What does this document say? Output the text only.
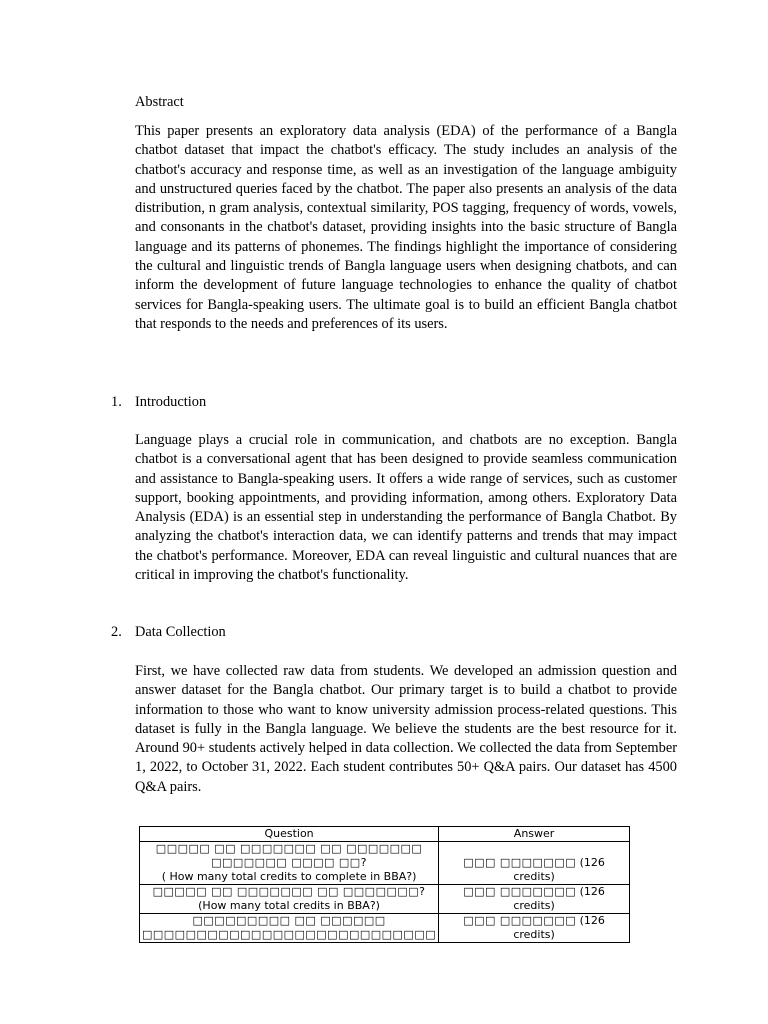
Abstract
This paper presents an exploratory data analysis (EDA) of the performance of a Bangla chatbot dataset that impact the chatbot's efficacy. The study includes an analysis of the chatbot's accuracy and response time, as well as an investigation of the language ambiguity and unstructured queries faced by the chatbot. The paper also presents an analysis of the data distribution, n gram analysis, contextual similarity, POS tagging, frequency of words, vowels, and consonants in the chatbot's dataset, providing insights into the basic structure of Bangla language and its patterns of phonemes. The findings highlight the importance of considering the cultural and linguistic trends of Bangla language users when designing chatbots, and can inform the development of future language technologies to enhance the quality of chatbot services for Bangla-speaking users. The ultimate goal is to build an efficient Bangla chatbot that responds to the needs and preferences of its users.
1. Introduction
Language plays a crucial role in communication, and chatbots are no exception. Bangla chatbot is a conversational agent that has been designed to provide seamless communication and assistance to Bangla-speaking users. It offers a wide range of services, such as customer support, booking appointments, and providing information, among others. Exploratory Data Analysis (EDA) is an essential step in understanding the performance of Bangla Chatbot. By analyzing the chatbot's interaction data, we can identify patterns and trends that may impact the chatbot's performance. Moreover, EDA can reveal linguistic and cultural nuances that are critical in improving the chatbot's functionality.
2. Data Collection
First, we have collected raw data from students. We developed an admission question and answer dataset for the Bangla chatbot. Our primary target is to build a chatbot to provide information to those who want to know university admission process-related questions. This dataset is fully in the Bangla language. We believe the students are the best resource for it. Around 90+ students actively helped in data collection. We collected the data from September 1, 2022, to October 31, 2022. Each student contributes 50+ Q&A pairs. Our dataset has 4500 Q&A pairs.
Question	Answer
□□□□□ □□ □□□□□□□ □□ □□□□□□□ □□□□□□□ □□□□ □□?
( How many total credits to complete in BBA?)	□□□ □□□□□□□ (126 credits)
□□□□□ □□ □□□□□□□ □□ □□□□□□□? (How many total credits in BBA?)	□□□ □□□□□□□ (126 credits)
□□□□□□□□□ □□ □□□□□□ □□□□□□□□□□□□□□□□□□□□□□□□□□□	□□□ □□□□□□□ (126 credits)
